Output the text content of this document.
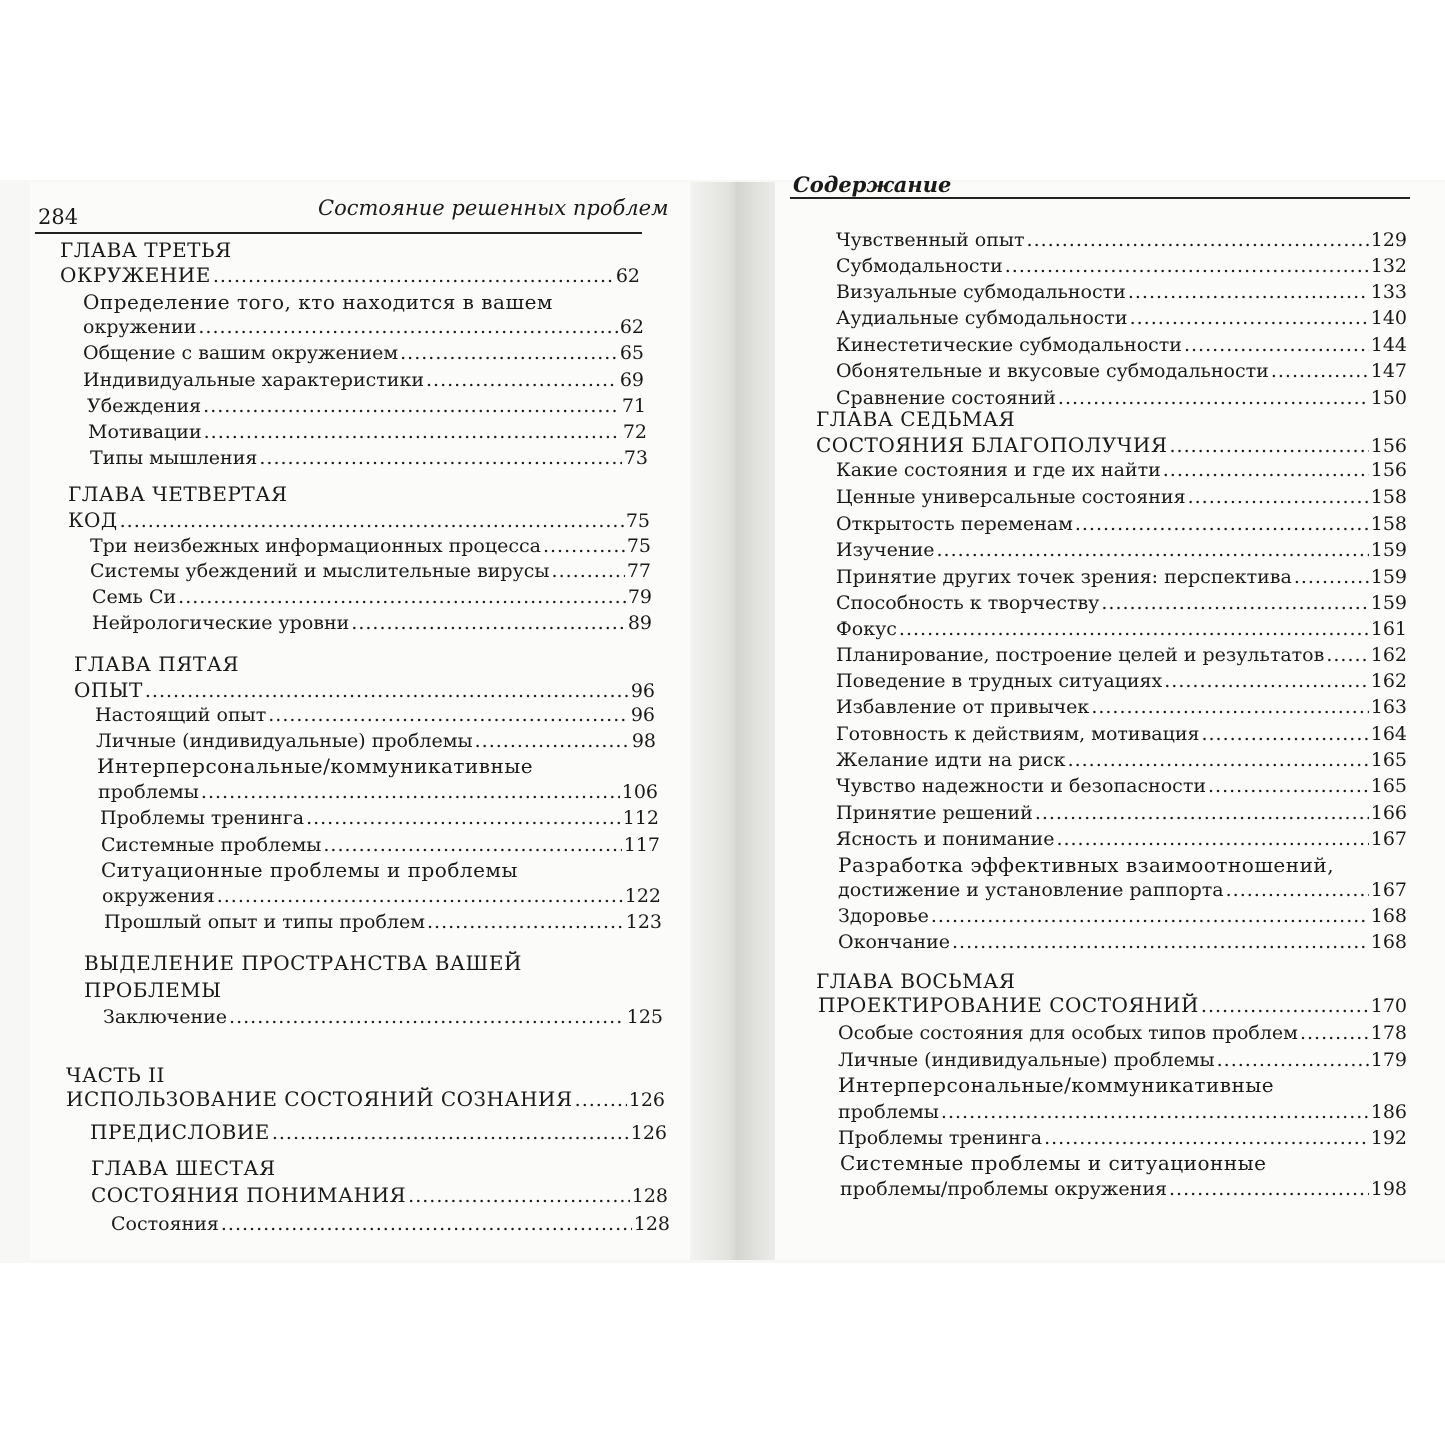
284	Состояние решенных проблем
Содержание
ГЛАВА ТРЕТЬЯ
ОКРУЖЕНИЕ .....	62
Определение того, кто находится в вашем
окружении .....	62
Общение с вашим окружением .....	65
Индивидуальные характеристики .....	69
Убеждения .....	71
Мотивации .....	72
Типы мышления .....	73
ГЛАВА ЧЕТВЕРТАЯ
КОД .....	75
Три неизбежных информационных процесса .....	75
Системы убеждений и мыслительные вирусы .....	77
Семь Си .....	79
Нейрологические уровни .....	89
ГЛАВА ПЯТАЯ
ОПЫТ .....	96
Настоящий опыт .....	96
Личные (индивидуальные) проблемы .....	98
Интерперсональные/коммуникативные
проблемы .....	106
Проблемы тренинга .....	112
Системные проблемы .....	117
Ситуационные проблемы и проблемы
окружения .....	122
Прошлый опыт и типы проблем .....	123
ВЫДЕЛЕНИЕ ПРОСТРАНСТВА ВАШЕЙ
ПРОБЛЕМЫ
Заключение .....	125
ЧАСТЬ II
ИСПОЛЬЗОВАНИЕ СОСТОЯНИЙ СОЗНАНИЯ .....	126
ПРЕДИСЛОВИЕ .....	126
ГЛАВА ШЕСТАЯ
СОСТОЯНИЯ ПОНИМАНИЯ .....	128
Состояния .....	128
Чувственный опыт .....	129
Субмодальности .....	132
Визуальные субмодальности .....	133
Аудиальные субмодальности .....	140
Кинестетические субмодальности .....	144
Обонятельные и вкусовые субмодальности .....	147
Сравнение состояний .....	150
ГЛАВА СЕДЬМАЯ
СОСТОЯНИЯ БЛАГОПОЛУЧИЯ .....	156
Какие состояния и где их найти .....	156
Ценные универсальные состояния .....	158
Открытость переменам .....	158
Изучение .....	159
Принятие других точек зрения: перспектива .....	159
Способность к творчеству .....	159
Фокус .....	161
Планирование, построение целей и результатов ..... 162
Поведение в трудных ситуациях .....	162
Избавление от привычек .....	163
Готовность к действиям, мотивация .....	164
Желание идти на риск .....	165
Чувство надежности и безопасности .....	165
Принятие решений .....	166
Ясность и понимание .....	167
Разработка эффективных взаимоотношений,
достижение и установление раппорта .....	167
Здоровье .....	168
Окончание .....	168
ГЛАВА ВОСЬМАЯ
ПРОЕКТИРОВАНИЕ СОСТОЯНИЙ .....	170
Особые состояния для особых типов проблем .....	178
Личные (индивидуальные) проблемы .....	179
Интерперсональные/коммуникативные
проблемы .....	186
Проблемы тренинга .....	192
Системные проблемы и ситуационные
проблемы/проблемы окружения .....	198
